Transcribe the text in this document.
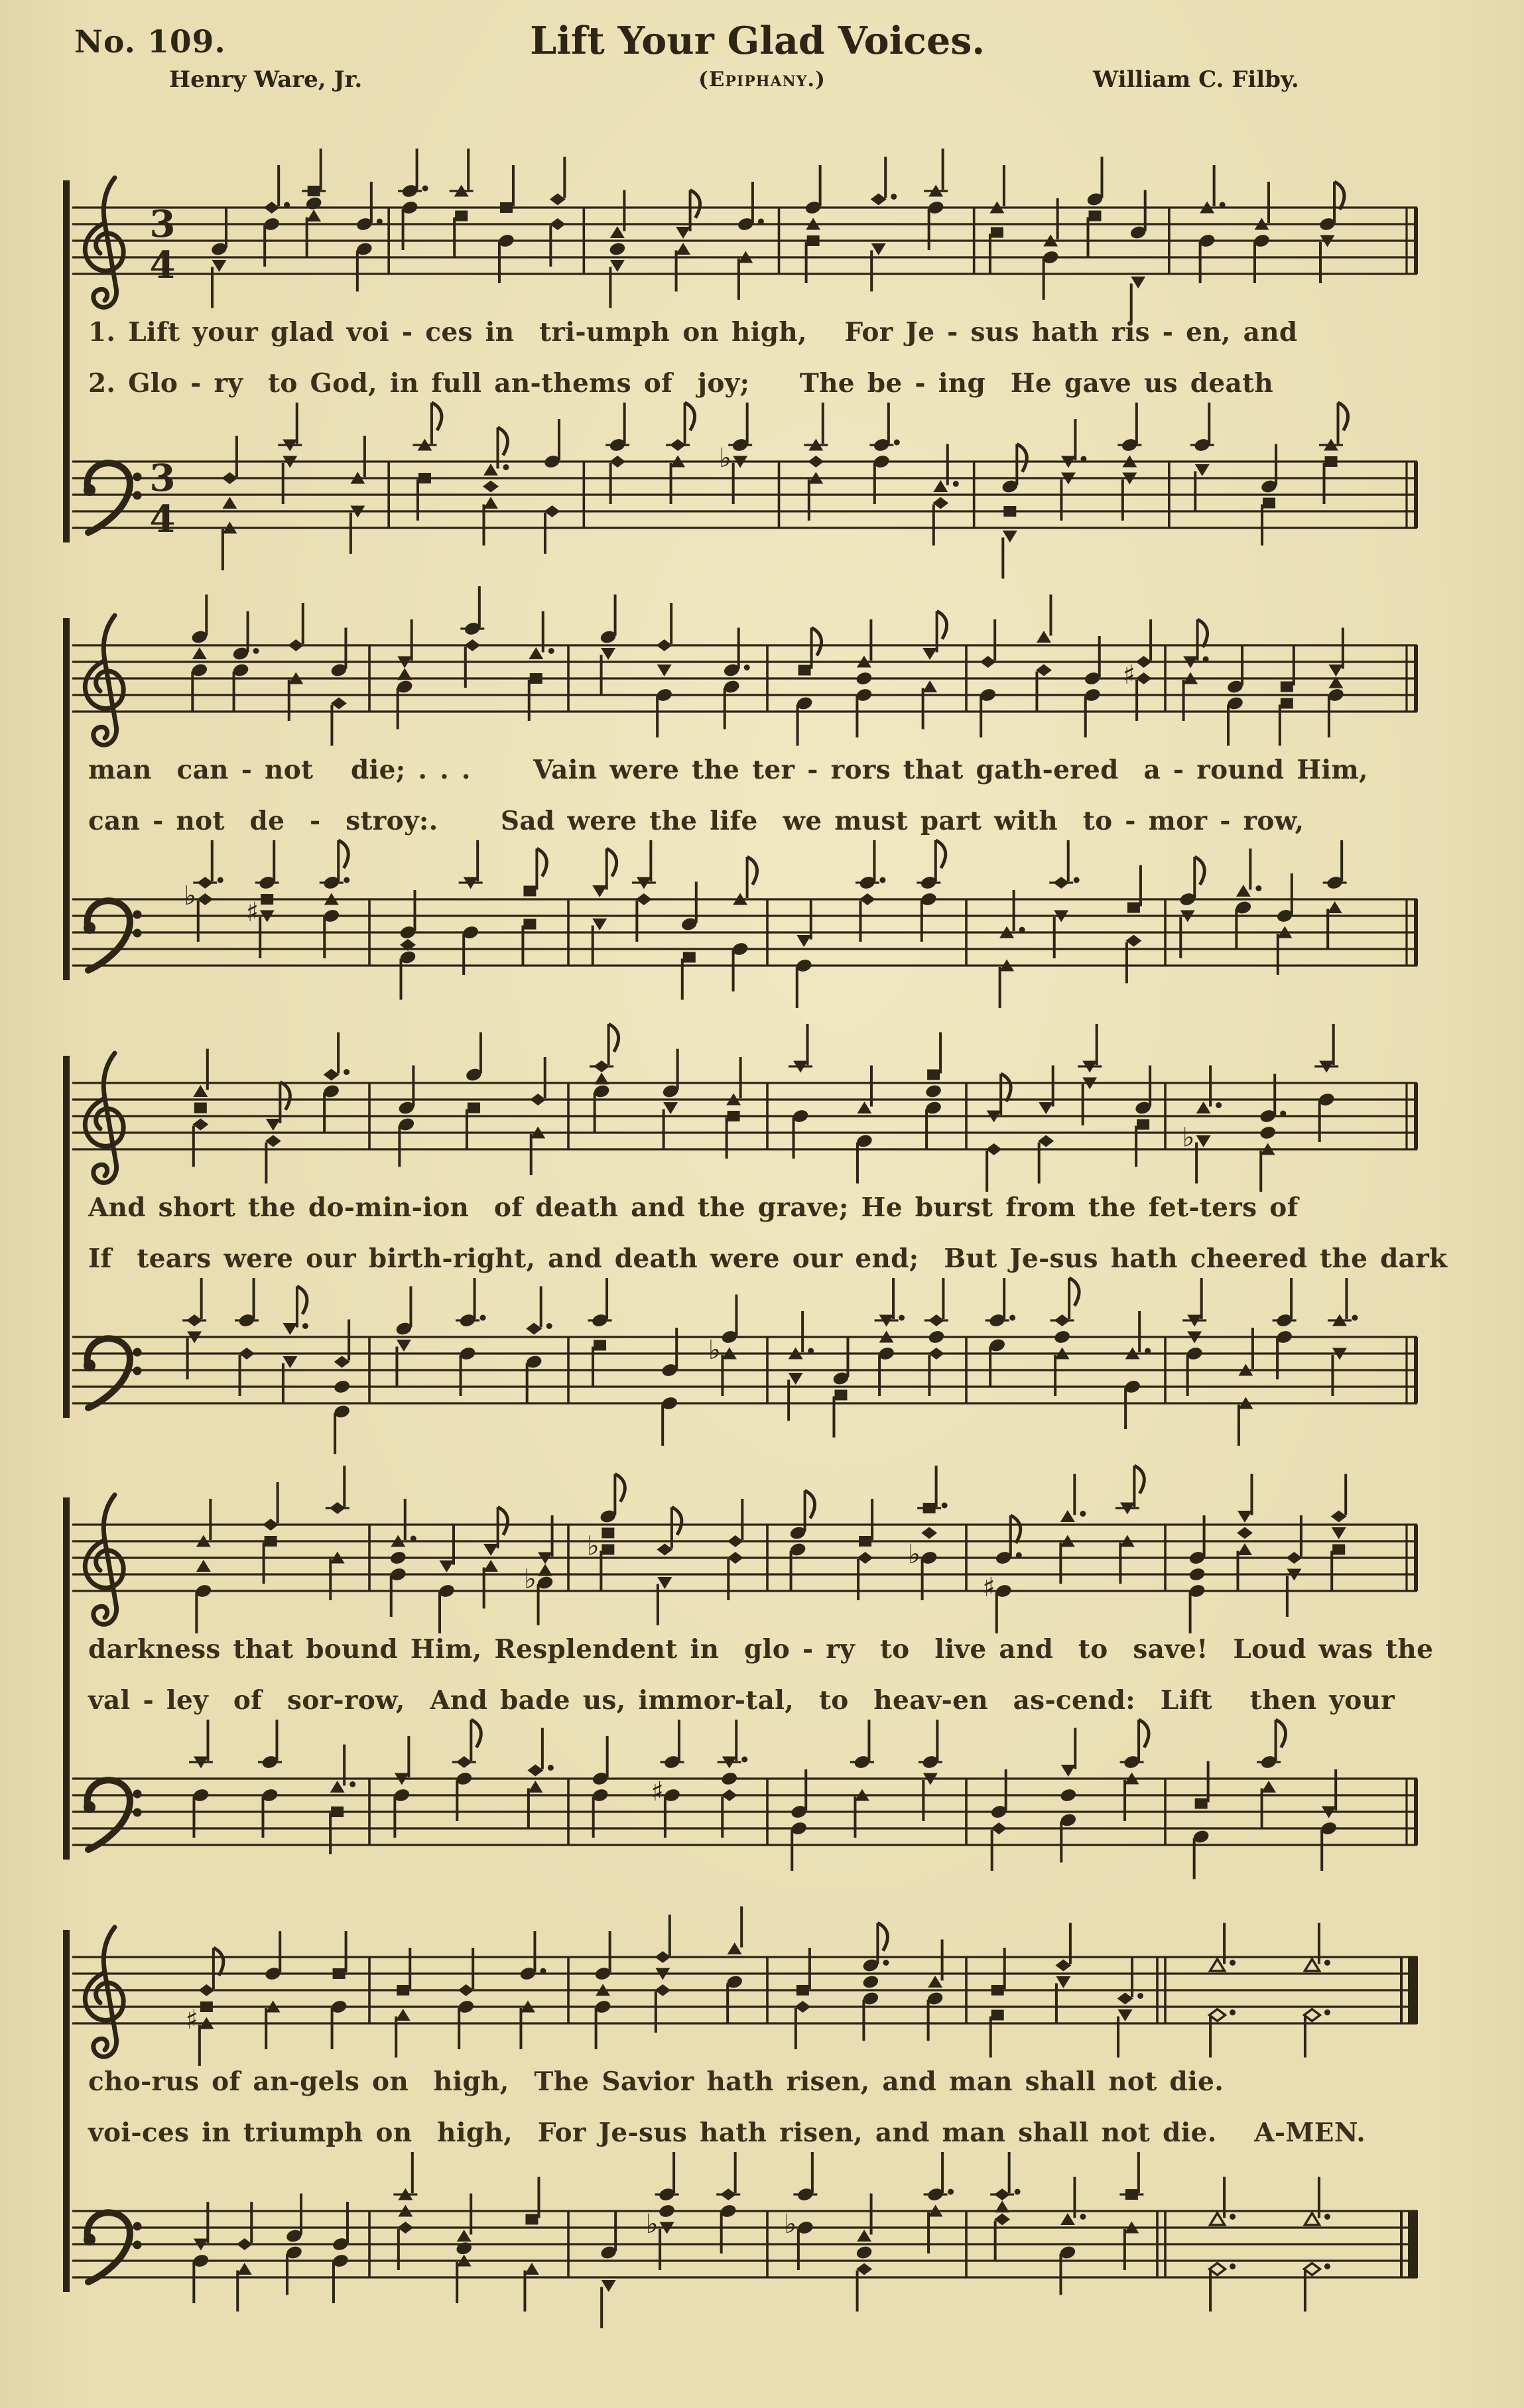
No. 109.	Lift Your Glad Voices.
Henry Ware, Jr.	(Epiphany.)	William C. Filby.
3
4

1. Lift your glad voi - ces in  tri-umph on high,   For Je - sus hath ris - en, and

2. Glo - ry  to God, in full an-thems of  joy;    The be - ing  He gave us death

3
4
♭
♯

man  can - not   die; . . .     Vain were the ter - rors that gath-ered  a - round Him,

can - not  de  -  stroy:.     Sad were the life  we must part with  to - mor - row,

♭
♯
♭

And short the do-min-ion  of death and the grave; He burst from the fet-ters of

If  tears were our birth-right, and death were our end;  But Je-sus hath cheered the dark

♭
♭
♭	♭
♯

darkness that bound Him, Resplendent in  glo - ry  to  live and  to  save!  Loud was the

val - ley  of  sor-row,  And bade us, immor-tal,  to  heav-en  as-cend:  Lift   then your

♯
♯

cho-rus of an-gels on  high,  The Savior hath risen, and man shall not die.

voi-ces in triumph on  high,  For Je-sus hath risen, and man shall not die.   A-MEN.

♭	♭
